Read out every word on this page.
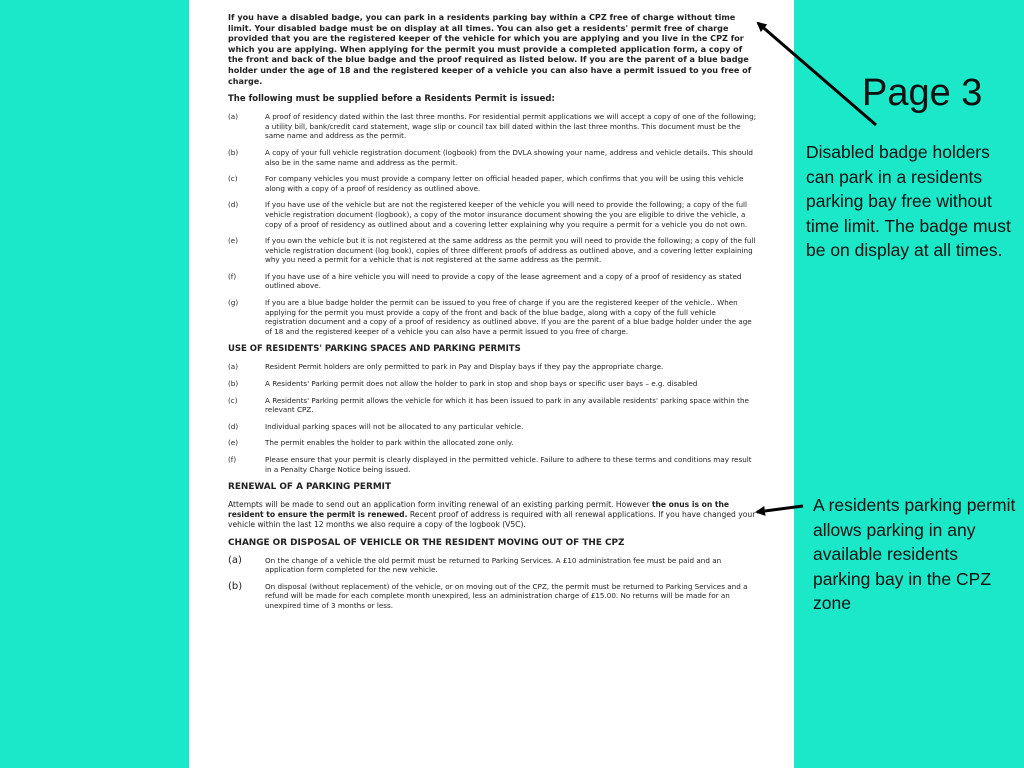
If you have a disabled badge, you can park in a residents parking bay within a CPZ free of charge without time limit. Your disabled badge must be on display at all times. You can also get a residents' permit free of charge provided that you are the registered keeper of the vehicle for which you are applying and you live in the CPZ for which you are applying. When applying for the permit you must provide a completed application form, a copy of the front and back of the blue badge and the proof required as listed below. If you are the parent of a blue badge holder under the age of 18 and the registered keeper of a vehicle you can also have a permit issued to you free of charge.

The following must be supplied before a Residents Permit is issued:
(a)	A proof of residency dated within the last three months. For residential permit applications we will accept a copy of one of the following; a utility bill, bank/credit card statement, wage slip or council tax bill dated within the last three months. This document must be the same name and address as the permit.
(b)	A copy of your full vehicle registration document (logbook) from the DVLA showing your name, address and vehicle details. This should also be in the same name and address as the permit.
(c)	For company vehicles you must provide a company letter on official headed paper, which confirms that you will be using this vehicle along with a copy of a proof of residency as outlined above.
(d)	If you have use of the vehicle but are not the registered keeper of the vehicle you will need to provide the following; a copy of the full vehicle registration document (logbook), a copy of the motor insurance document showing the you are eligible to drive the vehicle, a copy of a proof of residency as outlined about and a covering letter explaining why you require a permit for a vehicle you do not own.
(e)	If you own the vehicle but it is not registered at the same address as the permit you will need to provide the following; a copy of the full vehicle registration document (log book), copies of three different proofs of address as outlined above, and a covering letter explaining why you need a permit for a vehicle that is not registered at the same address as the permit.
(f)	If you have use of a hire vehicle you will need to provide a copy of the lease agreement and a copy of a proof of residency as stated outlined above.
(g)	If you are a blue badge holder the permit can be issued to you free of charge if you are the registered keeper of the vehicle.. When applying for the permit you must provide a copy of the front and back of the blue badge, along with a copy of the full vehicle registration document and a copy of a proof of residency as outlined above. If you are the parent of a blue badge holder under the age of 18 and the registered keeper of a vehicle you can also have a permit issued to you free of charge.
USE OF RESIDENTS' PARKING SPACES AND PARKING PERMITS
(a)	Resident Permit holders are only permitted to park in Pay and Display bays if they pay the appropriate charge.
(b)	A Residents' Parking permit does not allow the holder to park in stop and shop bays or specific user bays – e.g. disabled
(c)	A Residents' Parking permit allows the vehicle for which it has been issued to park in any available residents' parking space within the relevant CPZ.
(d)	Individual parking spaces will not be allocated to any particular vehicle.
(e)	The permit enables the holder to park within the allocated zone only.
(f)	Please ensure that your permit is clearly displayed in the permitted vehicle. Failure to adhere to these terms and conditions may result in a Penalty Charge Notice being issued.
RENEWAL OF A PARKING PERMIT

Attempts will be made to send out an application form inviting renewal of an existing parking permit. However the onus is on the resident to ensure the permit is renewed. Recent proof of address is required with all renewal applications. If you have changed your vehicle within the last 12 months we also require a copy of the logbook (V5C).

CHANGE OR DISPOSAL OF VEHICLE OR THE RESIDENT MOVING OUT OF THE CPZ
(a)	On the change of a vehicle the old permit must be returned to Parking Services. A £10 administration fee must be paid and an application form completed for the new vehicle.
(b)	On disposal (without replacement) of the vehicle, or on moving out of the CPZ, the permit must be returned to Parking Services and a refund will be made for each complete month unexpired, less an administration charge of £15.00. No returns will be made for an unexpired time of 3 months or less.
Page 3
Disabled badge holders can park in a residents parking bay free without time limit. The badge must be on display at all times.
A residents parking permit allows parking in any available residents parking bay in the CPZ zone
